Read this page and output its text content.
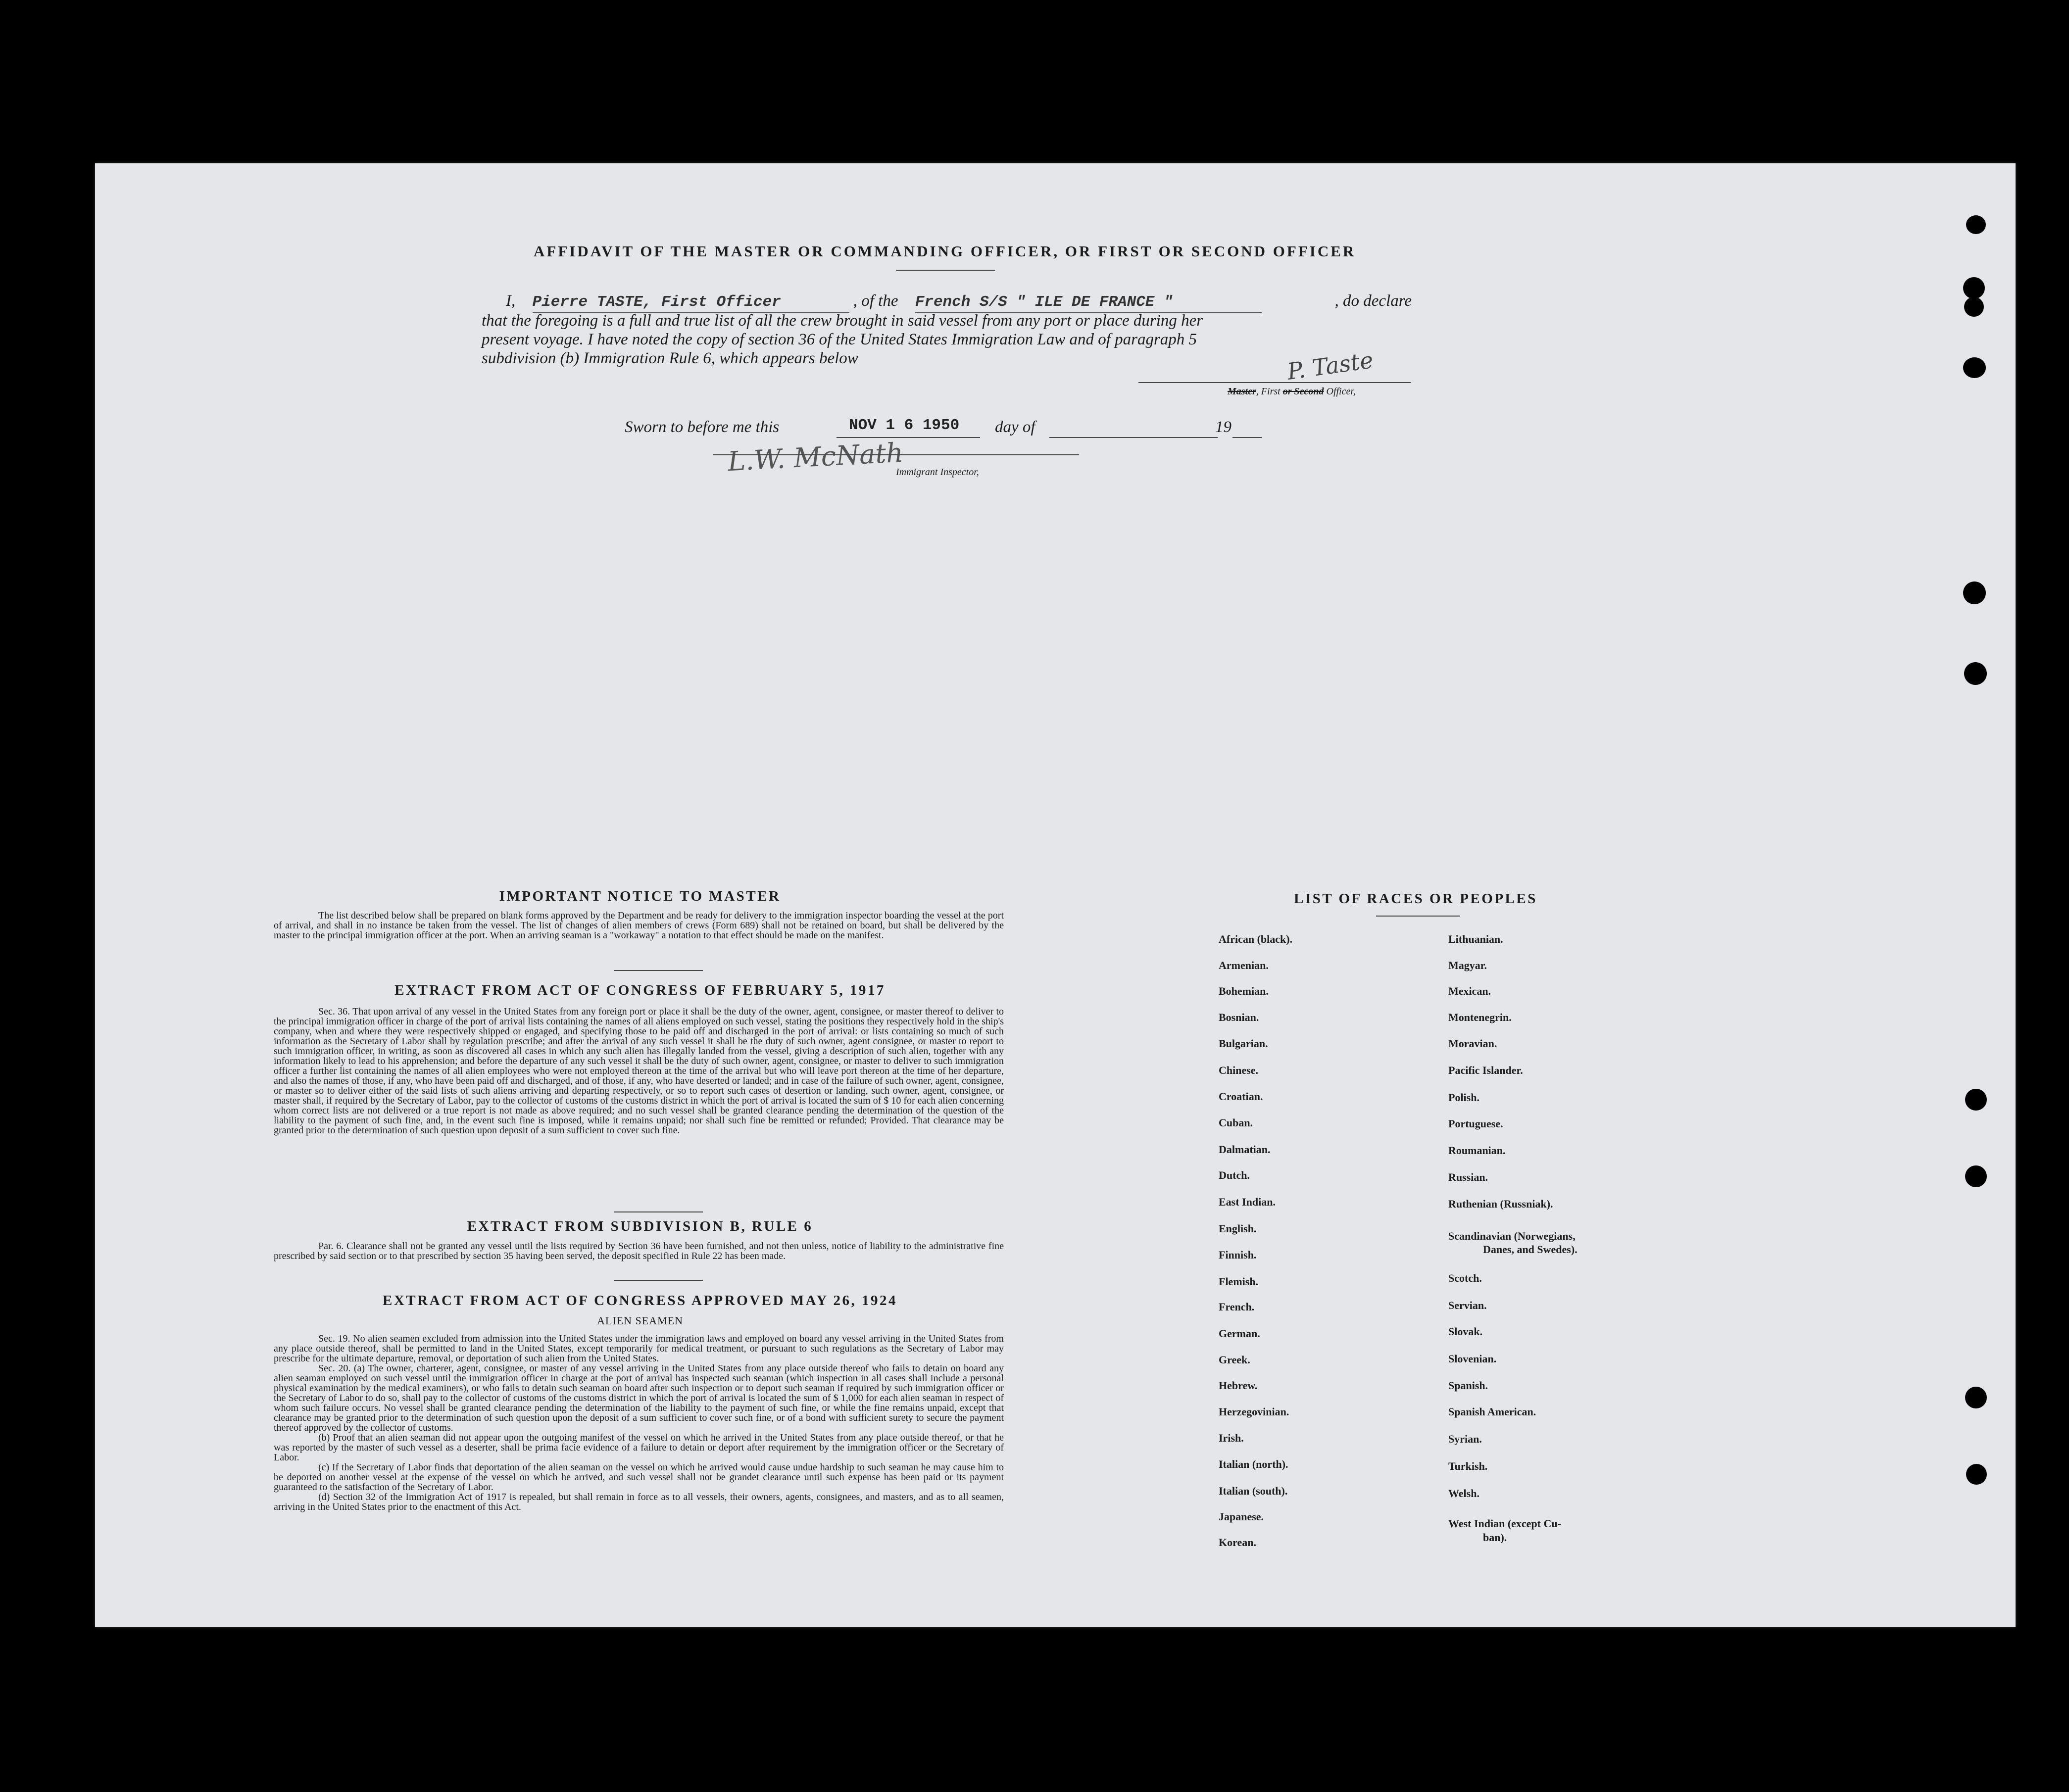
AFFIDAVIT OF THE MASTER OR COMMANDING OFFICER, OR FIRST OR SECOND OFFICER
I, Pierre TASTE, First Officer	, of the French S/S " ILE DE FRANCE "	, do declare
that the foregoing is a full and true list of all the crew brought in said vessel from any port or place during her
present voyage. I have noted the copy of section 36 of the United States Immigration Law and of paragraph 5
subdivision (b) Immigration Rule 6, which appears below	P. Taste
Master, First or Second Officer,
Sworn to before me this	NOV 1 6 1950 day of	19
L.W. McNath
Immigrant Inspector,
IMPORTANT NOTICE TO MASTER
The list described below shall be prepared on blank forms approved by the Department and be ready for delivery to the immigration inspector boarding the vessel at the port of arrival, and shall in no instance be taken from the vessel. The list of changes of alien members of crews (Form 689) shall not be retained on board, but shall be delivered by the master to the principal immigration officer at the port. When an arriving seaman is a "workaway" a notation to that effect should be made on the manifest.
EXTRACT FROM ACT OF CONGRESS OF FEBRUARY 5, 1917
Sec. 36. That upon arrival of any vessel in the United States from any foreign port or place it shall be the duty of the owner, agent, consignee, or master thereof to deliver to the principal immigration officer in charge of the port of arrival lists containing the names of all aliens employed on such vessel, stating the positions they respectively hold in the ship's company, when and where they were respectively shipped or engaged, and specifying those to be paid off and discharged in the port of arrival: or lists containing so much of such information as the Secretary of Labor shall by regulation prescribe; and after the arrival of any such vessel it shall be the duty of such owner, agent consignee, or master to report to such immigration officer, in writing, as soon as discovered all cases in which any such alien has illegally landed from the vessel, giving a description of such alien, together with any information likely to lead to his apprehension; and before the departure of any such vessel it shall be the duty of such owner, agent, consignee, or master to deliver to such immigration officer a further list containing the names of all alien employees who were not employed thereon at the time of the arrival but who will leave port thereon at the time of her departure, and also the names of those, if any, who have been paid off and discharged, and of those, if any, who have deserted or landed; and in case of the failure of such owner, agent, consignee, or master so to deliver either of the said lists of such aliens arriving and departing respectively, or so to report such cases of desertion or landing, such owner, agent, consignee, or master shall, if required by the Secretary of Labor, pay to the collector of customs of the customs district in which the port of arrival is located the sum of $ 10 for each alien concerning whom correct lists are not delivered or a true report is not made as above required; and no such vessel shall be granted clearance pending the determination of the question of the liability to the payment of such fine, and, in the event such fine is imposed, while it remains unpaid; nor shall such fine be remitted or refunded; Provided. That clearance may be granted prior to the determination of such question upon deposit of a sum sufficient to cover such fine.
EXTRACT FROM SUBDIVISION B, RULE 6
Par. 6. Clearance shall not be granted any vessel until the lists required by Section 36 have been furnished, and not then unless, notice of liability to the administrative fine prescribed by said section or to that prescribed by section 35 having been served, the deposit specified in Rule 22 has been made.
EXTRACT FROM ACT OF CONGRESS APPROVED MAY 26, 1924
ALIEN SEAMEN
Sec. 19. No alien seamen excluded from admission into the United States under the immigration laws and employed on board any vessel arriving in the United States from any place outside thereof, shall be permitted to land in the United States, except temporarily for medical treatment, or pursuant to such regulations as the Secretary of Labor may prescribe for the ultimate departure, removal, or deportation of such alien from the United States.
Sec. 20. (a) The owner, charterer, agent, consignee, or master of any vessel arriving in the United States from any place outside thereof who fails to detain on board any alien seaman employed on such vessel until the immigration officer in charge at the port of arrival has inspected such seaman (which inspection in all cases shall include a personal physical examination by the medical examiners), or who fails to detain such seaman on board after such inspection or to deport such seaman if required by such immigration officer or the Secretary of Labor to do so, shall pay to the collector of customs of the customs district in which the port of arrival is located the sum of $ 1,000 for each alien seaman in respect of whom such failure occurs. No vessel shall be granted clearance pending the determination of the liability to the payment of such fine, or while the fine remains unpaid, except that clearance may be granted prior to the determination of such question upon the deposit of a sum sufficient to cover such fine, or of a bond with sufficient surety to secure the payment thereof approved by the collector of customs.
(b) Proof that an alien seaman did not appear upon the outgoing manifest of the vessel on which he arrived in the United States from any place outside thereof, or that he was reported by the master of such vessel as a deserter, shall be prima facie evidence of a failure to detain or deport after requirement by the immigration officer or the Secretary of Labor.
(c) If the Secretary of Labor finds that deportation of the alien seaman on the vessel on which he arrived would cause undue hardship to such seaman he may cause him to be deported on another vessel at the expense of the vessel on which he arrived, and such vessel shall not be grandet clearance until such expense has been paid or its payment guaranteed to the satisfaction of the Secretary of Labor.
(d) Section 32 of the Immigration Act of 1917 is repealed, but shall remain in force as to all vessels, their owners, agents, consignees, and masters, and as to all seamen, arriving in the United States prior to the enactment of this Act.
LIST OF RACES OR PEOPLES
African (black).
Armenian.
Bohemian.
Bosnian.
Bulgarian.
Chinese.
Croatian.
Cuban.
Dalmatian.
Dutch.
East Indian.
English.
Finnish.
Flemish.
French.
German.
Greek.
Hebrew.
Herzegovinian.
Irish.
Italian (north).
Italian (south).
Japanese.
Korean.
Lithuanian.
Magyar.
Mexican.
Montenegrin.
Moravian.
Pacific Islander.
Polish.
Portuguese.
Roumanian.
Russian.
Ruthenian (Russniak).
Scandinavian (Norwegians,
Danes, and Swedes).
Scotch.
Servian.
Slovak.
Slovenian.
Spanish.
Spanish American.
Syrian.
Turkish.
Welsh.
West Indian (except Cu-
ban).
